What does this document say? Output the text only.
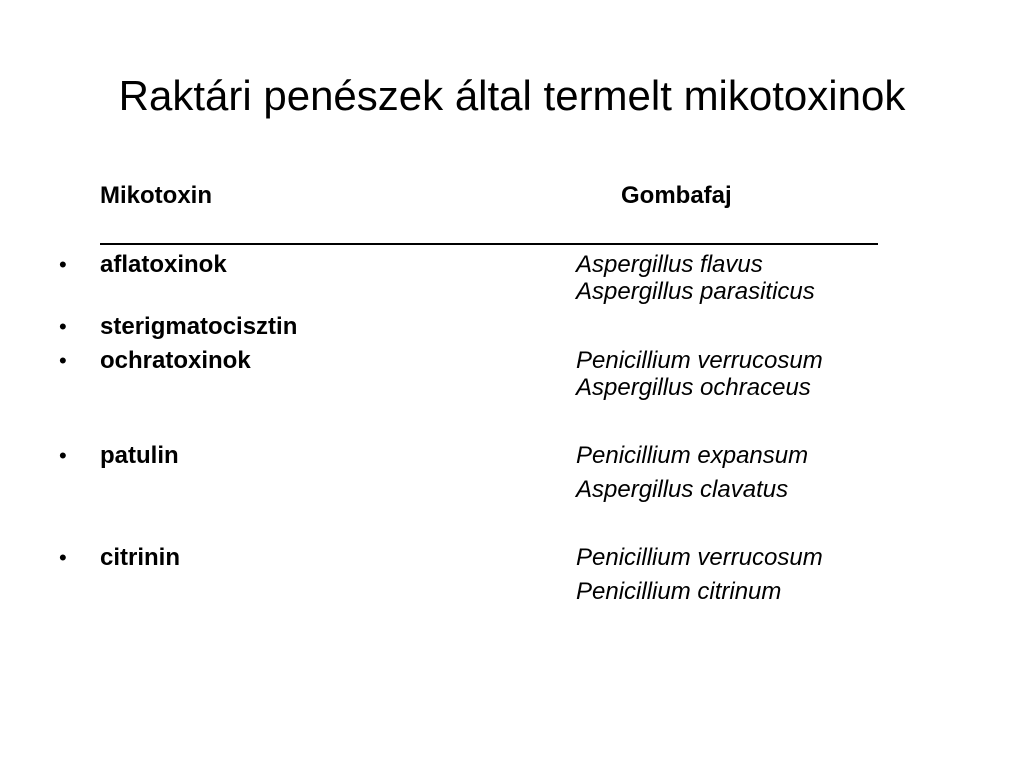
Raktári penészek által termelt mikotoxinok
Mikotoxin	Gombafaj
• aflatoxinok	Aspergillus flavus
Aspergillus parasiticus
• sterigmatocisztin
• ochratoxinok	Penicillium verrucosum
Aspergillus ochraceus
• patulin	Penicillium expansum
Aspergillus clavatus
• citrinin	Penicillium verrucosum
Penicillium citrinum
